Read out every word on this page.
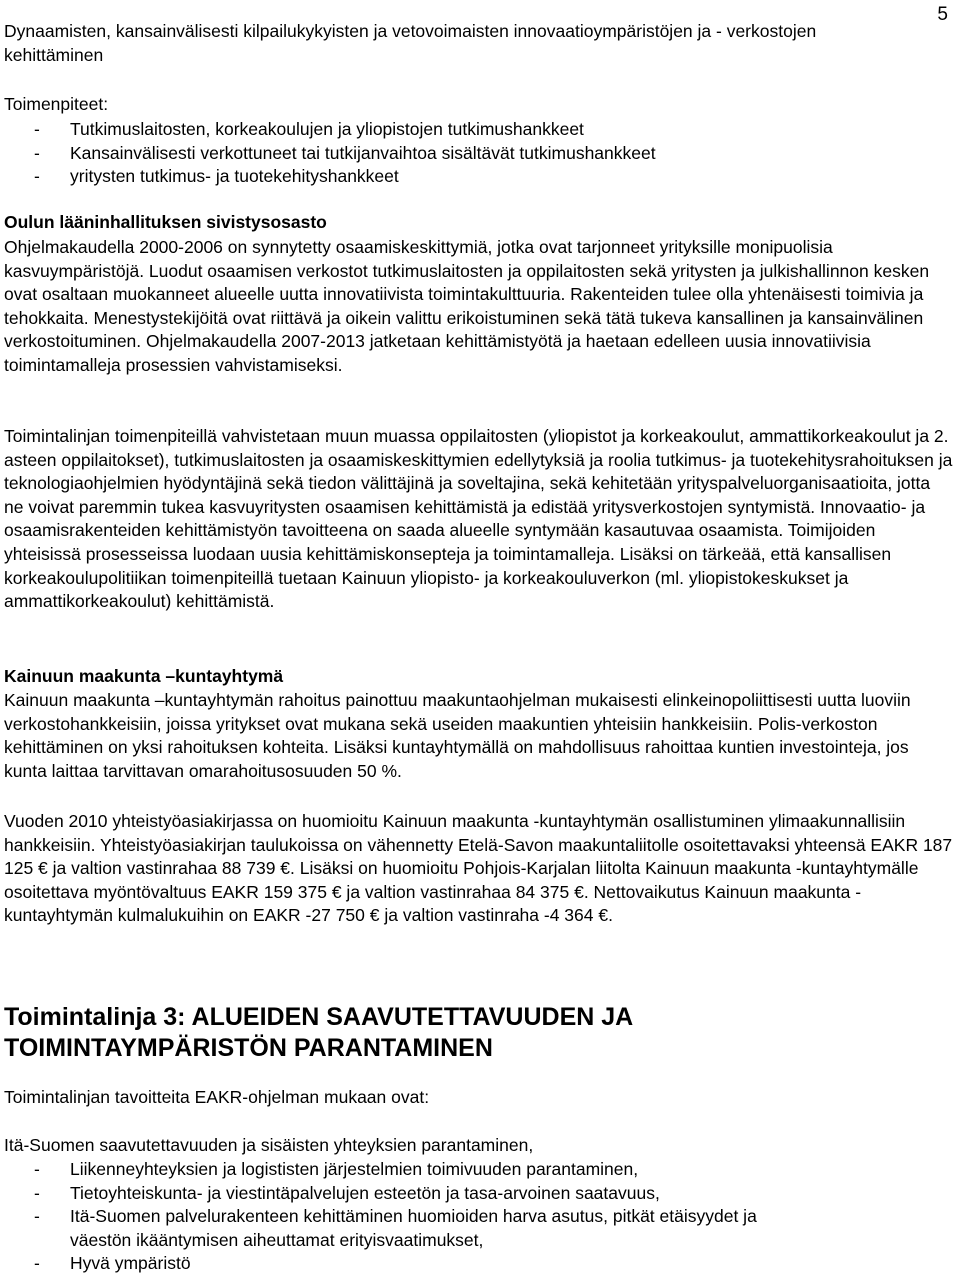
5

Dynaamisten, kansainvälisesti kilpailukykyisten ja vetovoimaisten innovaatioympäristöjen ja - verkostojen kehittäminen

Toimenpiteet:
- Tutkimuslaitosten, korkeakoulujen ja yliopistojen tutkimushankkeet
- Kansainvälisesti verkottuneet tai tutkijanvaihtoa sisältävät tutkimushankkeet
- yritysten tutkimus- ja tuotekehityshankkeet
Oulun lääninhallituksen sivistysosasto

Ohjelmakaudella 2000-2006 on synnytetty osaamiskeskittymiä, jotka ovat tarjonneet yrityksille monipuolisia kasvuympäristöjä. Luodut osaamisen verkostot tutkimuslaitosten ja oppilaitosten sekä yritysten ja julkishallinnon kesken ovat osaltaan muokanneet alueelle uutta innovatiivista toimintakulttuuria. Rakenteiden tulee olla yhtenäisesti toimivia ja tehokkaita. Menestystekijöitä ovat riittävä ja oikein valittu erikoistuminen sekä tätä tukeva kansallinen ja kansainvälinen verkostoituminen. Ohjelmakaudella 2007-2013 jatketaan kehittämistyötä ja haetaan edelleen uusia innovatiivisia toimintamalleja prosessien vahvistamiseksi.

Toimintalinjan toimenpiteillä vahvistetaan muun muassa oppilaitosten (yliopistot ja korkeakoulut, ammattikorkeakoulut ja 2. asteen oppilaitokset), tutkimuslaitosten ja osaamiskeskittymien edellytyksiä ja roolia tutkimus- ja tuotekehitysrahoituksen ja teknologiaohjelmien hyödyntäjinä sekä tiedon välittäjinä ja soveltajina, sekä kehitetään yrityspalveluorganisaatioita, jotta ne voivat paremmin tukea kasvuyritysten osaamisen kehittämistä ja edistää yritysverkostojen syntymistä. Innovaatio- ja osaamisrakenteiden kehittämistyön tavoitteena on saada alueelle syntymään kasautuvaa osaamista. Toimijoiden yhteisissä prosesseissa luodaan uusia kehittämiskonsepteja ja toimintamalleja. Lisäksi on tärkeää, että kansallisen korkeakoulupolitiikan toimenpiteillä tuetaan Kainuun yliopisto- ja korkeakouluverkon (ml. yliopistokeskukset ja ammattikorkeakoulut) kehittämistä.

Kainuun maakunta –kuntayhtymä

Kainuun maakunta –kuntayhtymän rahoitus painottuu maakuntaohjelman mukaisesti elinkeinopoliittisesti uutta luoviin verkostohankkeisiin, joissa yritykset ovat mukana sekä useiden maakuntien yhteisiin hankkeisiin. Polis-verkoston kehittäminen on yksi rahoituksen kohteita. Lisäksi kuntayhtymällä on mahdollisuus rahoittaa kuntien investointeja, jos kunta laittaa tarvittavan omarahoitusosuuden 50 %.

Vuoden 2010 yhteistyöasiakirjassa on huomioitu Kainuun maakunta -kuntayhtymän osallistuminen ylimaakunnallisiin hankkeisiin. Yhteistyöasiakirjan taulukoissa on vähennetty Etelä-Savon maakuntaliitolle osoitettavaksi yhteensä EAKR 187 125 € ja valtion vastinrahaa 88 739 €. Lisäksi on huomioitu Pohjois-Karjalan liitolta Kainuun maakunta -kuntayhtymälle osoitettava myöntövaltuus EAKR 159 375 € ja valtion vastinrahaa 84 375 €. Nettovaikutus Kainuun maakunta -kuntayhtymän kulmalukuihin on EAKR -27 750 € ja valtion vastinraha -4 364 €.

Toimintalinja 3: ALUEIDEN SAAVUTETTAVUUDEN JA
TOIMINTAYMPÄRISTÖN PARANTAMINEN
Toimintalinjan tavoitteita EAKR-ohjelman mukaan ovat:
Itä-Suomen saavutettavuuden ja sisäisten yhteyksien parantaminen,
- Liikenneyhteyksien ja logististen järjestelmien toimivuuden parantaminen,
- Tietoyhteiskunta- ja viestintäpalvelujen esteetön ja tasa-arvoinen saatavuus,
- Itä-Suomen palvelurakenteen kehittäminen huomioiden harva asutus, pitkät etäisyydet ja väestön ikääntymisen aiheuttamat erityisvaatimukset,
- Hyvä ympäristö
